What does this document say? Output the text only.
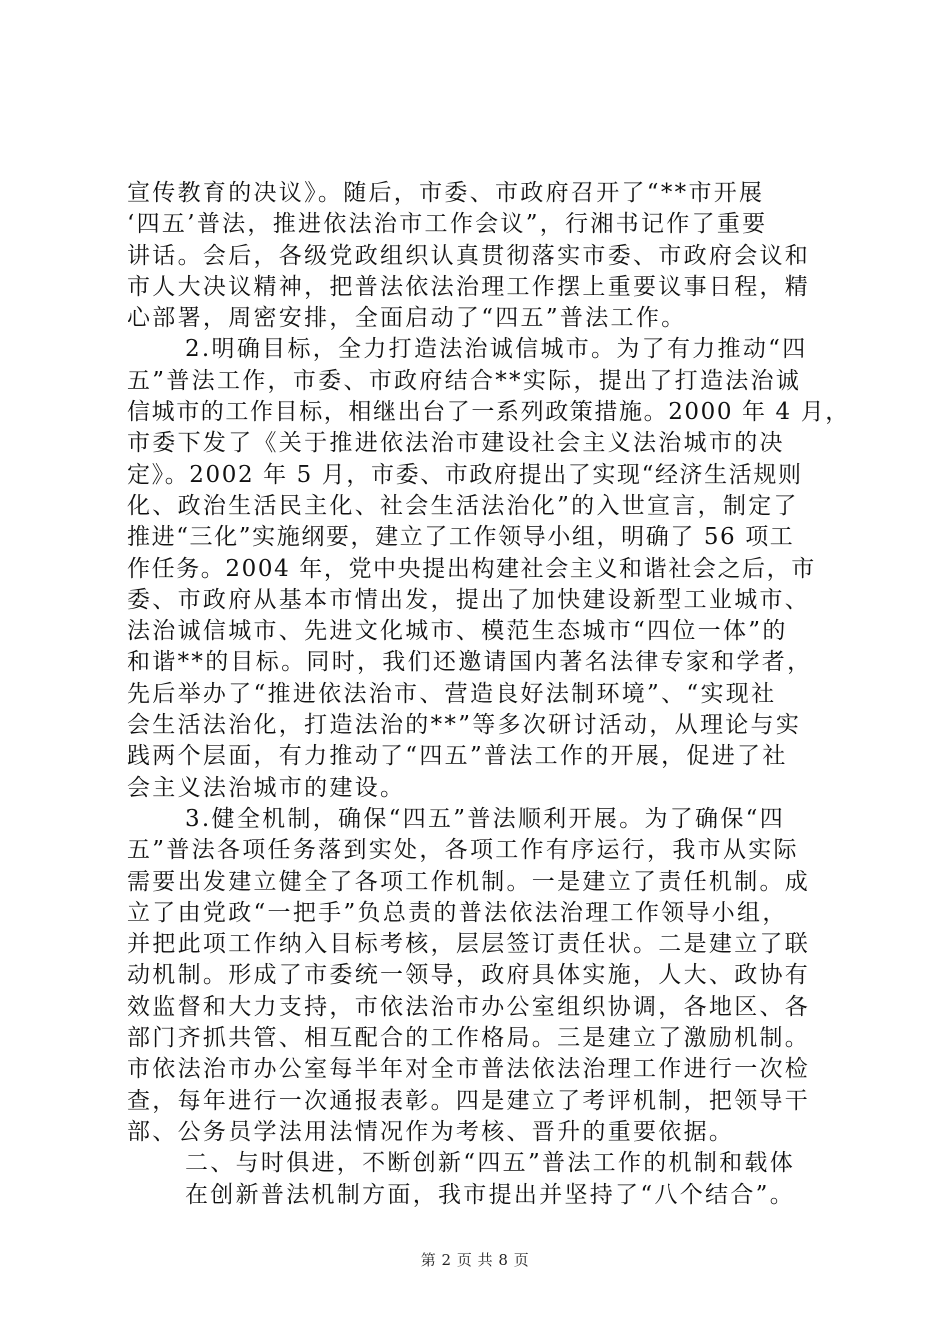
宣传教育的决议》。随后，市委、市政府召开了“**市开展
‘四五’普法，推进依法治市工作会议”，行湘书记作了重要
讲话。会后，各级党政组织认真贯彻落实市委、市政府会议和
市人大决议精神，把普法依法治理工作摆上重要议事日程，精
心部署，周密安排，全面启动了“四五”普法工作。
2.明确目标，全力打造法治诚信城市。为了有力推动“四
五”普法工作，市委、市政府结合**实际，提出了打造法治诚
信城市的工作目标，相继出台了一系列政策措施。2000 年 4 月，
市委下发了《关于推进依法治市建设社会主义法治城市的决
定》。2002 年 5 月，市委、市政府提出了实现“经济生活规则
化、政治生活民主化、社会生活法治化”的入世宣言，制定了
推进“三化”实施纲要，建立了工作领导小组，明确了 56 项工
作任务。2004 年，党中央提出构建社会主义和谐社会之后，市
委、市政府从基本市情出发，提出了加快建设新型工业城市、
法治诚信城市、先进文化城市、模范生态城市“四位一体”的
和谐**的目标。同时，我们还邀请国内著名法律专家和学者，
先后举办了“推进依法治市、营造良好法制环境”、“实现社
会生活法治化，打造法治的**”等多次研讨活动，从理论与实
践两个层面，有力推动了“四五”普法工作的开展，促进了社
会主义法治城市的建设。
3.健全机制，确保“四五”普法顺利开展。为了确保“四
五”普法各项任务落到实处，各项工作有序运行，我市从实际
需要出发建立健全了各项工作机制。一是建立了责任机制。成
立了由党政“一把手”负总责的普法依法治理工作领导小组，
并把此项工作纳入目标考核，层层签订责任状。二是建立了联
动机制。形成了市委统一领导，政府具体实施，人大、政协有
效监督和大力支持，市依法治市办公室组织协调，各地区、各
部门齐抓共管、相互配合的工作格局。三是建立了激励机制。
市依法治市办公室每半年对全市普法依法治理工作进行一次检
查，每年进行一次通报表彰。四是建立了考评机制，把领导干
部、公务员学法用法情况作为考核、晋升的重要依据。
二、与时俱进，不断创新“四五”普法工作的机制和载体
在创新普法机制方面，我市提出并坚持了“八个结合”。
第 2 页 共 8 页
